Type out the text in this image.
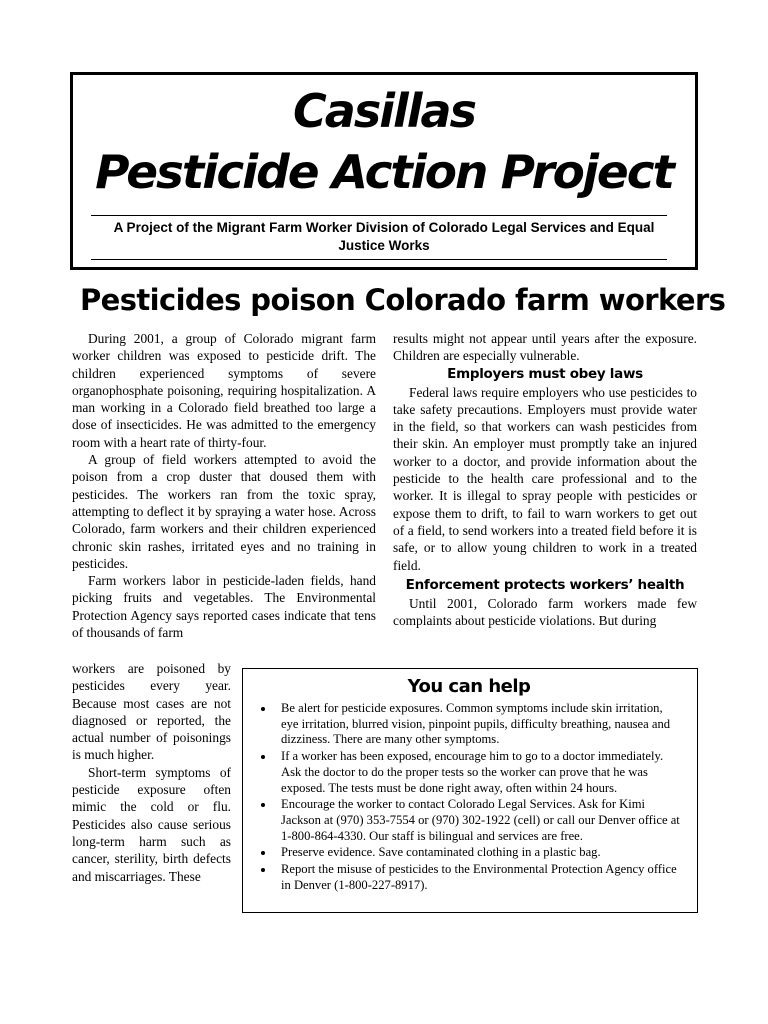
Casillas
Pesticide Action Project
A Project of the Migrant Farm Worker Division of Colorado Legal Services and Equal Justice Works
Pesticides poison Colorado farm workers

During 2001, a group of Colorado migrant farm worker children was exposed to pesticide drift. The children experienced symptoms of severe organophosphate poisoning, requiring hospitalization. A man working in a Colorado field breathed too large a dose of insecticides. He was admitted to the emergency room with a heart rate of thirty-four.

A group of field workers attempted to avoid the poison from a crop duster that doused them with pesticides. The workers ran from the toxic spray, attempting to deflect it by spraying a water hose. Across Colorado, farm workers and their children experienced chronic skin rashes, irritated eyes and no training in pesticides.

Farm workers labor in pesticide-laden fields, hand picking fruits and vegetables. The Environmental Protection Agency says reported cases indicate that tens of thousands of farm

workers are poisoned by pesticides every year. Because most cases are not diagnosed or reported, the actual number of poisonings is much higher.

Short-term symptoms of pesticide exposure often mimic the cold or flu. Pesticides also cause serious long-term harm such as cancer, sterility, birth defects and miscarriages. These

results might not appear until years after the exposure. Children are especially vulnerable.

Employers must obey laws

Federal laws require employers who use pesticides to take safety precautions. Employers must provide water in the field, so that workers can wash pesticides from their skin. An employer must promptly take an injured worker to a doctor, and provide information about the pesticide to the health care professional and to the worker. It is illegal to spray people with pesticides or expose them to drift, to fail to warn workers to get out of a field, to send workers into a treated field before it is safe, or to allow young children to work in a treated field.

Enforcement protects workers’ health

Until 2001, Colorado farm workers made few complaints about pesticide violations. But during

You can help
• Be alert for pesticide exposures. Common symptoms include skin irritation, eye irritation, blurred vision, pinpoint pupils, difficulty breathing, nausea and dizziness. There are many other symptoms.
• If a worker has been exposed, encourage him to go to a doctor immediately. Ask the doctor to do the proper tests so the worker can prove that he was exposed. The tests must be done right away, often within 24 hours.
• Encourage the worker to contact Colorado Legal Services. Ask for Kimi Jackson at (970) 353-7554 or (970) 302-1922 (cell) or call our Denver office at 1-800-864-4330. Our staff is bilingual and services are free.
• Preserve evidence. Save contaminated clothing in a plastic bag.
• Report the misuse of pesticides to the Environmental Protection Agency office in Denver (1-800-227-8917).
